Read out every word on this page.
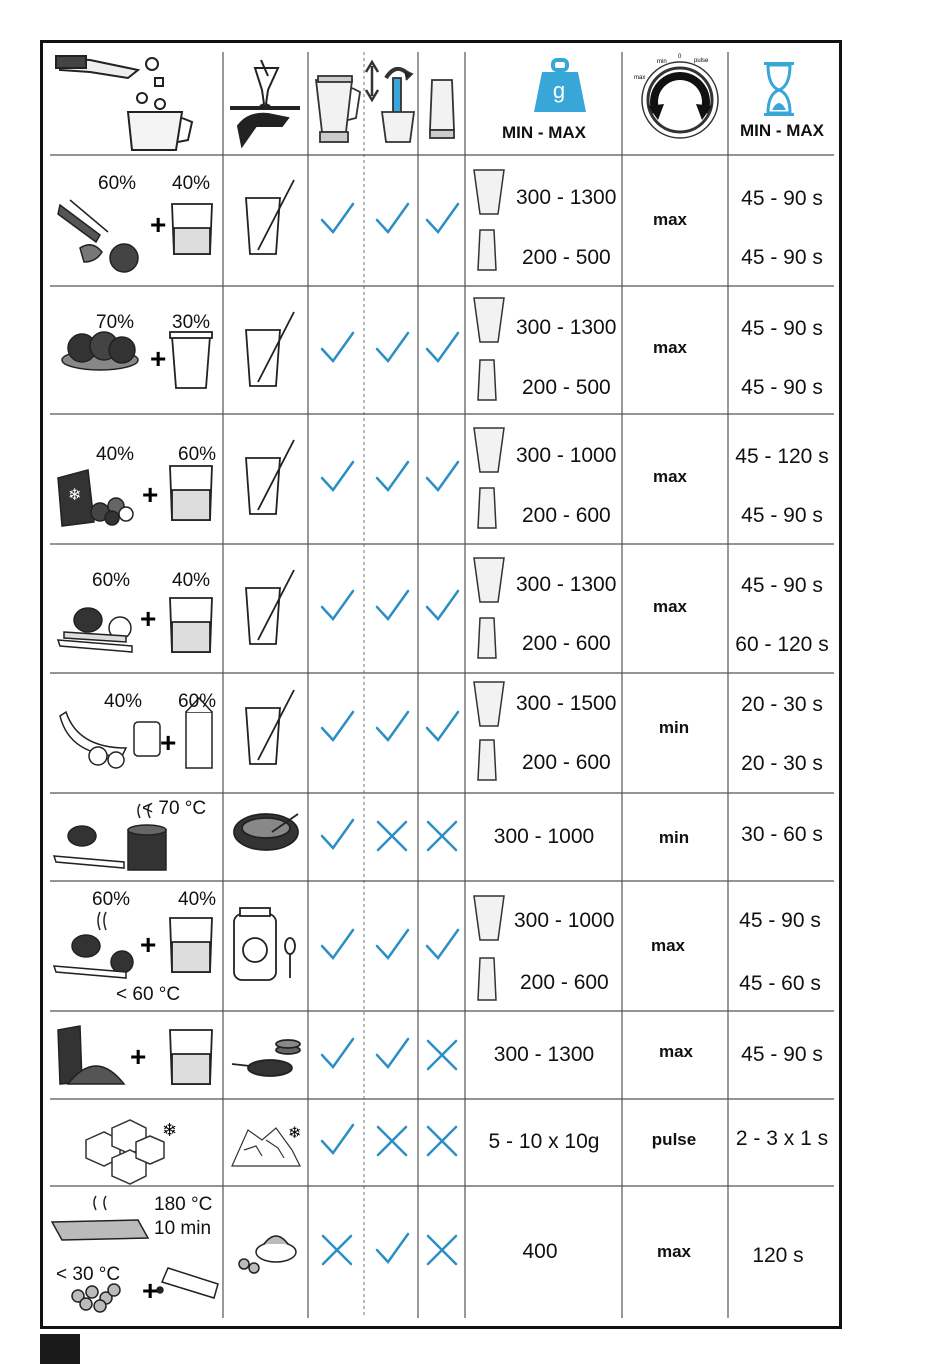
g
min
0
pulse
max
❄
❄
+
+
+
+
+
+
+
+
❄
MIN - MAX	MIN - MAX
60% 40%
70% 30%
40% 60%
60% 40%
40% 60%
< 70 °C
60%	40%
< 60 °C
180 °C
10 min
< 30 °C
300 - 1300
200 - 500
300 - 1300
200 - 500
300 - 1000
200 - 600
300 - 1300
200 - 600
300 - 1500
200 - 600
300 - 1000
300 - 1000
200 - 600
300 - 1300
5 - 10 x 10g
400
max
max
max
max
min
min
max
max
pulse
max
45 - 90 s
45 - 90 s
45 - 90 s
45 - 90 s
45 - 120 s
45 - 90 s
45 - 90 s
60 - 120 s
20 - 30 s
20 - 30 s
30 - 60 s
45 - 90 s
45 - 60 s
45 - 90 s
2 - 3 x 1 s
120 s
